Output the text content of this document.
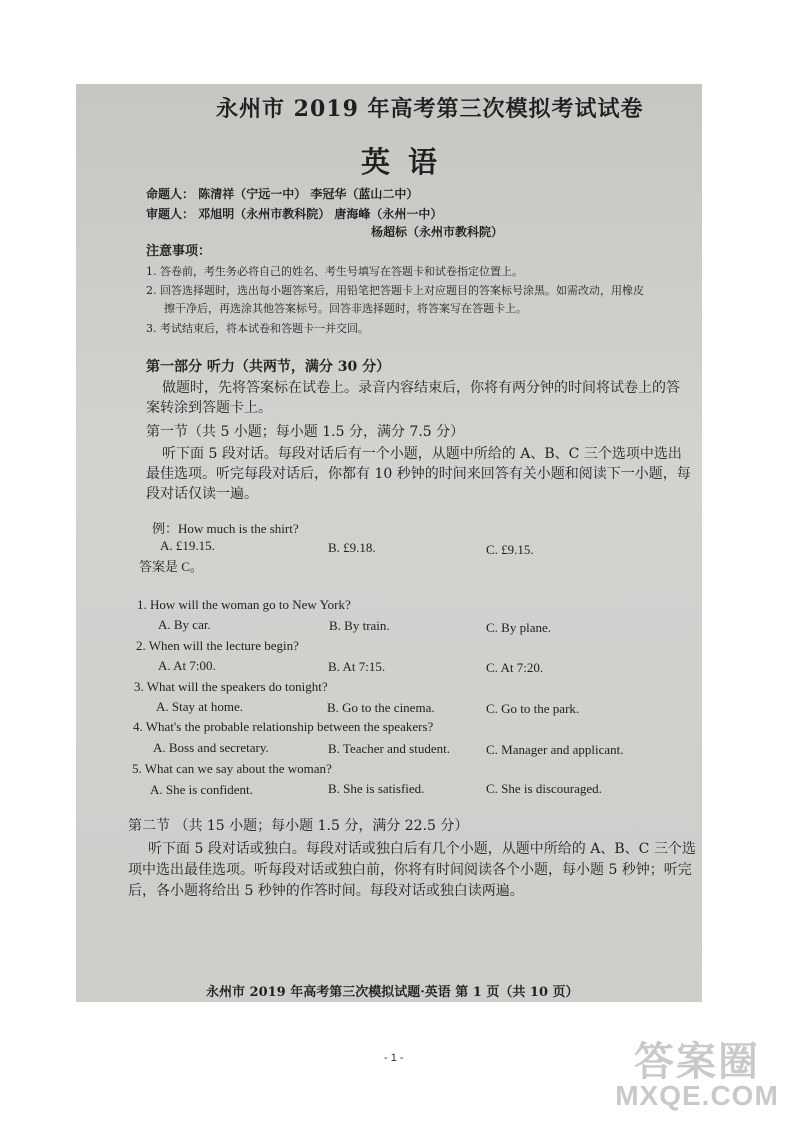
永州市 2019 年高考第三次模拟考试试卷
英语
命题人： 陈清祥（宁远一中） 李冠华（蓝山二中）
审题人： 邓旭明（永州市教科院） 唐海峰（永州一中）
杨超标（永州市教科院）
注意事项：
1. 答卷前，考生务必将自己的姓名、考生号填写在答题卡和试卷指定位置上。
2. 回答选择题时，选出每小题答案后，用铅笔把答题卡上对应题目的答案标号涂黑。如需改动，用橡皮
擦干净后，再选涂其他答案标号。回答非选择题时，将答案写在答题卡上。
3. 考试结束后，将本试卷和答题卡一并交回。
第一部分 听力（共两节，满分 30 分）
做题时，先将答案标在试卷上。录音内容结束后，你将有两分钟的时间将试卷上的答
案转涂到答题卡上。
第一节（共 5 小题；每小题 1.5 分，满分 7.5 分）
听下面 5 段对话。每段对话后有一个小题，从题中所给的 A、B、C 三个选项中选出
最佳选项。听完每段对话后，你都有 10 秒钟的时间来回答有关小题和阅读下一小题，每
段对话仅读一遍。
例：How much is the shirt?
A. £19.15.	B. £9.18.	C. £9.15.
答案是 C。
1. How will the woman go to New York?
A. By car.	B. By train.	C. By plane.
2. When will the lecture begin?
A. At 7:00.	B. At 7:15.	C. At 7:20.
3. What will the speakers do tonight?
A. Stay at home.	B. Go to the cinema.	C. Go to the park.
4. What's the probable relationship between the speakers?
A. Boss and secretary.	B. Teacher and student.	C. Manager and applicant.
5. What can we say about the woman?
A. She is confident.	B. She is satisfied.	C. She is discouraged.
第二节 （共 15 小题；每小题 1.5 分，满分 22.5 分）
听下面 5 段对话或独白。每段对话或独白后有几个小题，从题中所给的 A、B、C 三个选
项中选出最佳选项。听每段对话或独白前，你将有时间阅读各个小题，每小题 5 秒钟；听完
后，各小题将给出 5 秒钟的作答时间。每段对话或独白读两遍。
永州市 2019 年高考第三次模拟试题·英语 第 1 页（共 10 页）
- 1 -	答案圈
MXQE.COM
